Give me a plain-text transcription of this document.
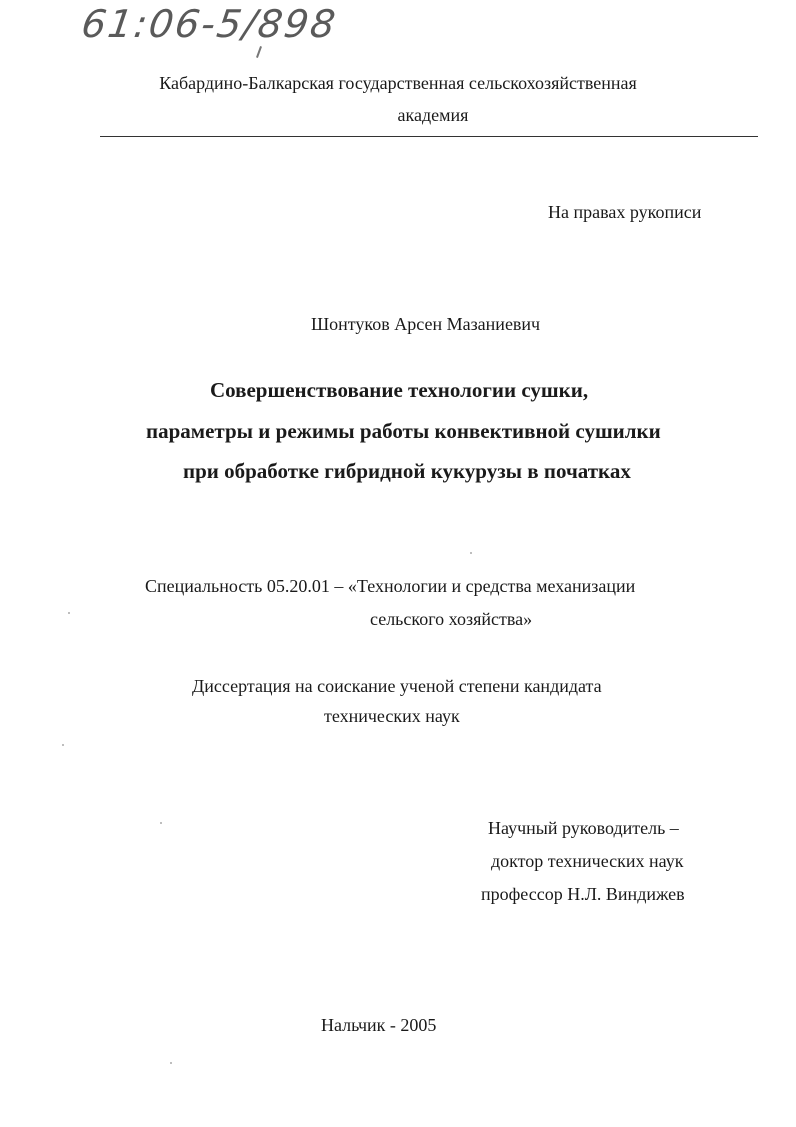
61:06-5/898
Кабардино-Балкарская государственная сельскохозяйственная
академия
На правах рукописи
Шонтуков Арсен Мазаниевич
Совершенствование технологии сушки,
параметры и режимы работы конвективной сушилки
при обработке гибридной кукурузы в початках
Специальность 05.20.01 – «Технологии и средства механизации
сельского хозяйства»
Диссертация на соискание ученой степени кандидата
технических наук
Научный руководитель –
доктор технических наук
профессор Н.Л. Виндижев
Нальчик - 2005
